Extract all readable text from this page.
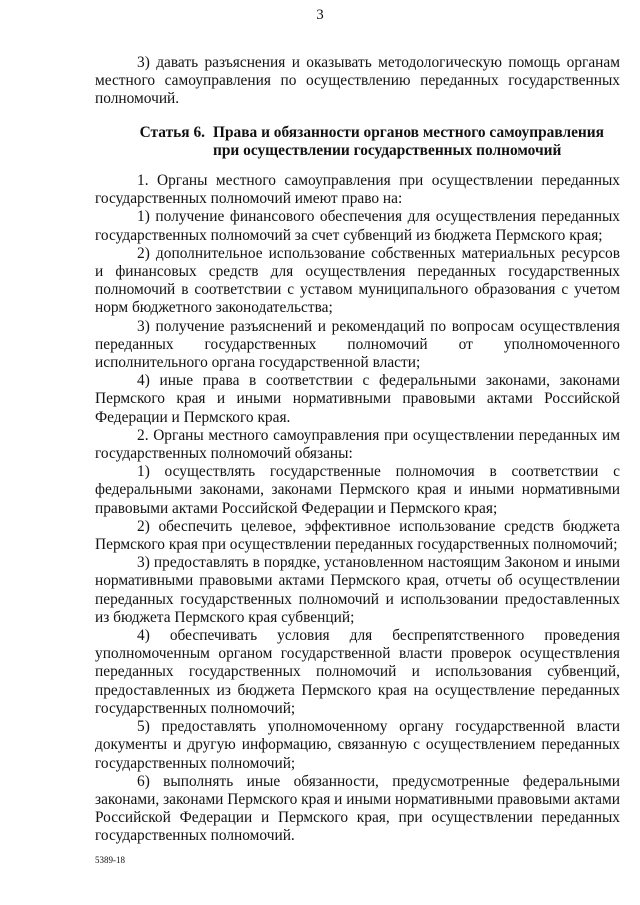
3

3) давать разъяснения и оказывать методологическую помощь органам местного самоуправления по осуществлению переданных государственных полномочий.

Статья 6. Права и обязанности органов местного самоуправления
при осуществлении государственных полномочий

1. Органы местного самоуправления при осуществлении переданных государственных полномочий имеют право на:

1) получение финансового обеспечения для осуществления переданных государственных полномочий за счет субвенций из бюджета Пермского края;

2) дополнительное использование собственных материальных ресурсов и финансовых средств для осуществления переданных государственных полномочий в соответствии с уставом муниципального образования с учетом норм бюджетного законодательства;

3) получение разъяснений и рекомендаций по вопросам осуществления переданных государственных полномочий от уполномоченного исполнительного органа государственной власти;

4) иные права в соответствии с федеральными законами, законами Пермского края и иными нормативными правовыми актами Российской Федерации и Пермского края.

2. Органы местного самоуправления при осуществлении переданных им государственных полномочий обязаны:

1) осуществлять государственные полномочия в соответствии с федеральными законами, законами Пермского края и иными нормативными правовыми актами Российской Федерации и Пермского края;

2) обеспечить целевое, эффективное использование средств бюджета Пермского края при осуществлении переданных государственных полномочий;

3) предоставлять в порядке, установленном настоящим Законом и иными нормативными правовыми актами Пермского края, отчеты об осуществлении переданных государственных полномочий и использовании предоставленных из бюджета Пермского края субвенций;

4) обеспечивать условия для беспрепятственного проведения уполномоченным органом государственной власти проверок осуществления переданных государственных полномочий и использования субвенций, предоставленных из бюджета Пермского края на осуществление переданных государственных полномочий;

5) предоставлять уполномоченному органу государственной власти документы и другую информацию, связанную с осуществлением переданных государственных полномочий;

6) выполнять иные обязанности, предусмотренные федеральными законами, законами Пермского края и иными нормативными правовыми актами Российской Федерации и Пермского края, при осуществлении переданных государственных полномочий.

5389-18
